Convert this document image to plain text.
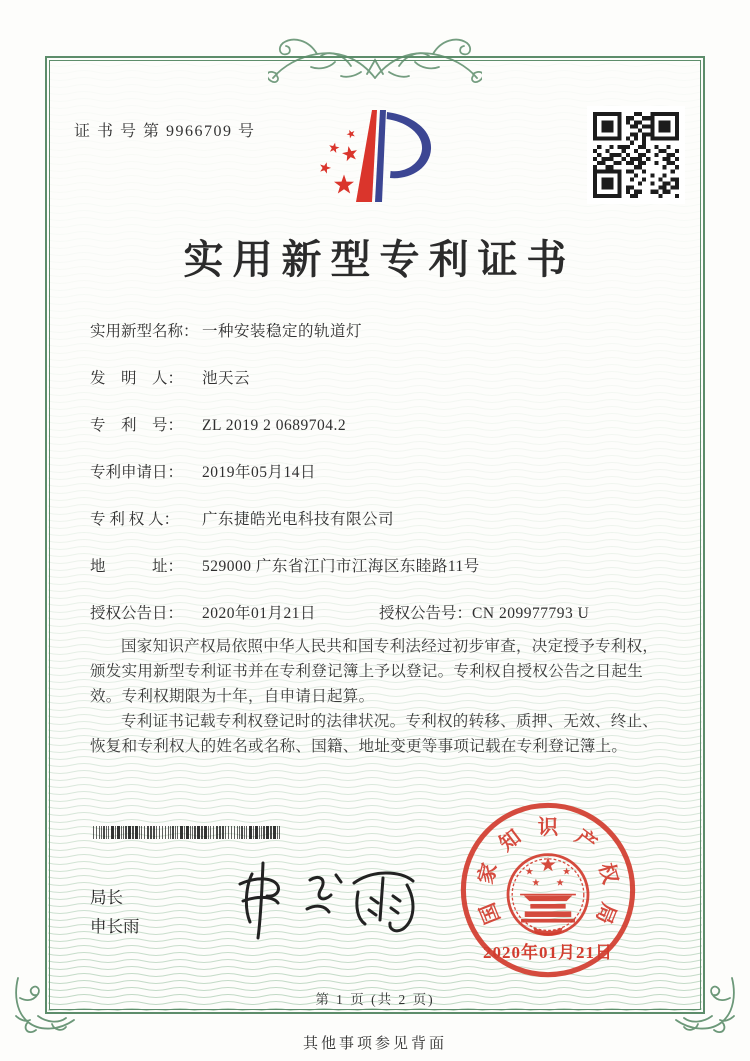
证 书 号 第 9966709 号
实用新型专利证书
实用新型名称： 一种安装稳定的轨道灯
发　明　人：	池天云
专　利　号：	ZL 2019 2 0689704.2
专利申请日：	2019年05月14日
专 利 权 人：	广东捷皓光电科技有限公司
地　　　址：	529000 广东省江门市江海区东睦路11号
授权公告日：	2020年01月21日	授权公告号： CN 209977793 U

国家知识产权局依照中华人民共和国专利法经过初步审查，决定授予专利权，颁发实用新型专利证书并在专利登记簿上予以登记。专利权自授权公告之日起生效。专利权期限为十年，自申请日起算。

专利证书记载专利权登记时的法律状况。专利权的转移、质押、无效、终止、恢复和专利权人的姓名或名称、国籍、地址变更等事项记载在专利登记簿上。

局长
申长雨
国
家
知 识 产
权
局
2020年01月21日
第 1 页 (共 2 页)
其他事项参见背面
